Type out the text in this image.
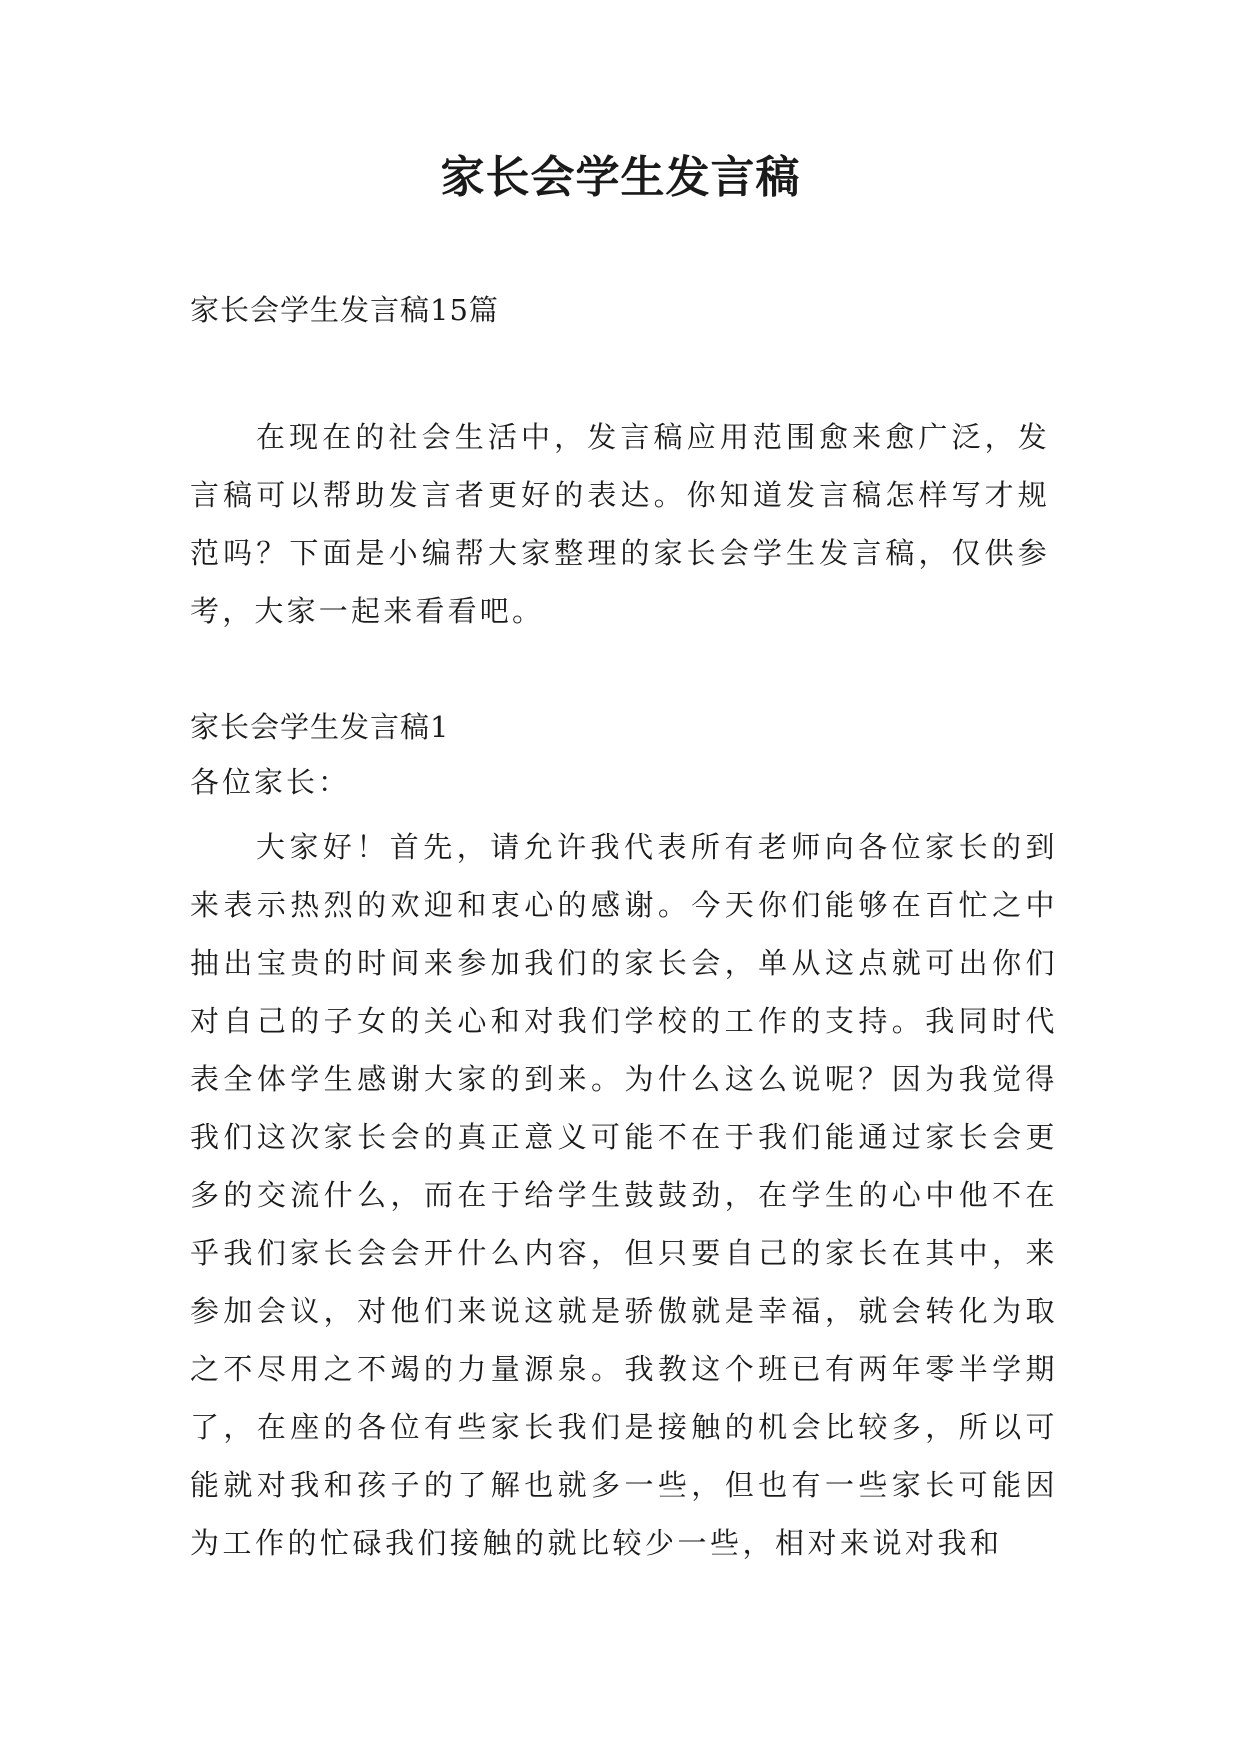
家长会学生发言稿
家长会学生发言稿15篇

在现在的社会生活中，发言稿应用范围愈来愈广泛，发言稿可以帮助发言者更好的表达。你知道发言稿怎样写才规范吗？下面是小编帮大家整理的家长会学生发言稿，仅供参考，大家一起来看看吧。

家长会学生发言稿1
各位家长：

大家好！首先，请允许我代表所有老师向各位家长的到来表示热烈的欢迎和衷心的感谢。今天你们能够在百忙之中抽出宝贵的时间来参加我们的家长会，单从这点就可出你们对自己的子女的关心和对我们学校的工作的支持。我同时代表全体学生感谢大家的到来。为什么这么说呢？因为我觉得我们这次家长会的真正意义可能不在于我们能通过家长会更多的交流什么，而在于给学生鼓鼓劲，在学生的心中他不在乎我们家长会会开什么内容，但只要自己的家长在其中，来参加会议，对他们来说这就是骄傲就是幸福，就会转化为取之不尽用之不竭的力量源泉。我教这个班已有两年零半学期了，在座的各位有些家长我们是接触的机会比较多，所以可能就对我和孩子的了解也就多一些，但也有一些家长可能因为工作的忙碌我们接触的就比较少一些，相对来说对我和
